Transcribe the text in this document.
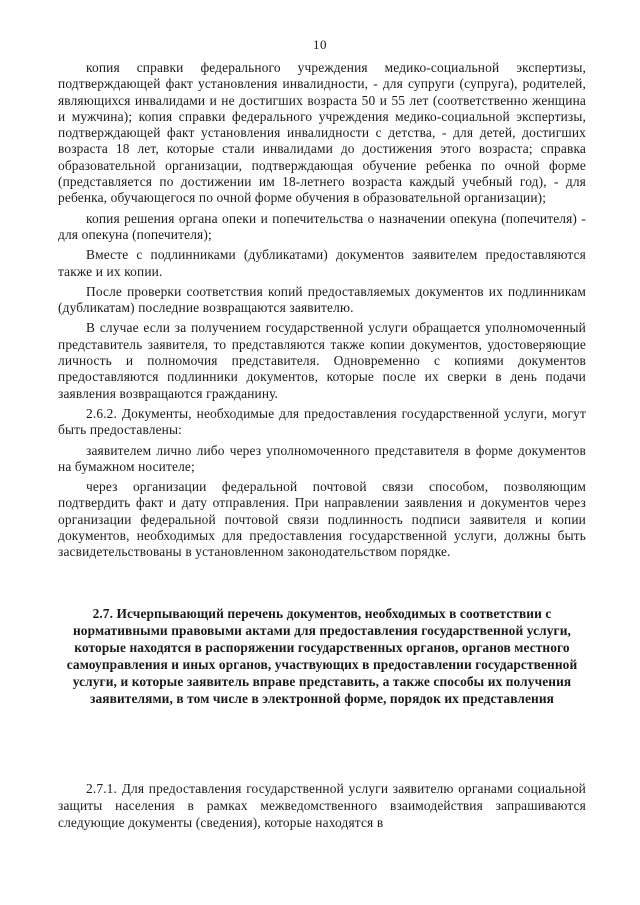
10

копия справки федерального учреждения медико-социальной экспертизы, подтверждающей факт установления инвалидности, - для супруги (супруга), родителей, являющихся инвалидами и не достигших возраста 50 и 55 лет (соответственно женщина и мужчина); копия справки федерального учреждения медико-социальной экспертизы, подтверждающей факт установления инвалидности с детства, - для детей, достигших возраста 18 лет, которые стали инвалидами до достижения этого возраста; справка образовательной организации, подтверждающая обучение ребенка по очной форме (представляется по достижении им 18-летнего возраста каждый учебный год), - для ребенка, обучающегося по очной форме обучения в образовательной организации);

копия решения органа опеки и попечительства о назначении опекуна (попечителя) - для опекуна (попечителя);

Вместе с подлинниками (дубликатами) документов заявителем предоставляются также и их копии.

После проверки соответствия копий предоставляемых документов их подлинникам (дубликатам) последние возвращаются заявителю.

В случае если за получением государственной услуги обращается уполномоченный представитель заявителя, то представляются также копии документов, удостоверяющие личность и полномочия представителя. Одновременно с копиями документов предоставляются подлинники документов, которые после их сверки в день подачи заявления возвращаются гражданину.

2.6.2. Документы, необходимые для предоставления государственной услуги, могут быть предоставлены:

заявителем лично либо через уполномоченного представителя в форме документов на бумажном носителе;

через организации федеральной почтовой связи способом, позволяющим подтвердить факт и дату отправления. При направлении заявления и документов через организации федеральной почтовой связи подлинность подписи заявителя и копии документов, необходимых для предоставления государственной услуги, должны быть засвидетельствованы в установленном законодательством порядке.

2.7. Исчерпывающий перечень документов, необходимых в соответствии с нормативными правовыми актами для предоставления государственной услуги, которые находятся в распоряжении государственных органов, органов местного самоуправления и иных органов, участвующих в предоставлении государственной услуги, и которые заявитель вправе представить, а также способы их получения заявителями, в том числе в электронной форме, порядок их представления

2.7.1. Для предоставления государственной услуги заявителю органами социальной защиты населения в рамках межведомственного взаимодействия запрашиваются следующие документы (сведения), которые находятся в
